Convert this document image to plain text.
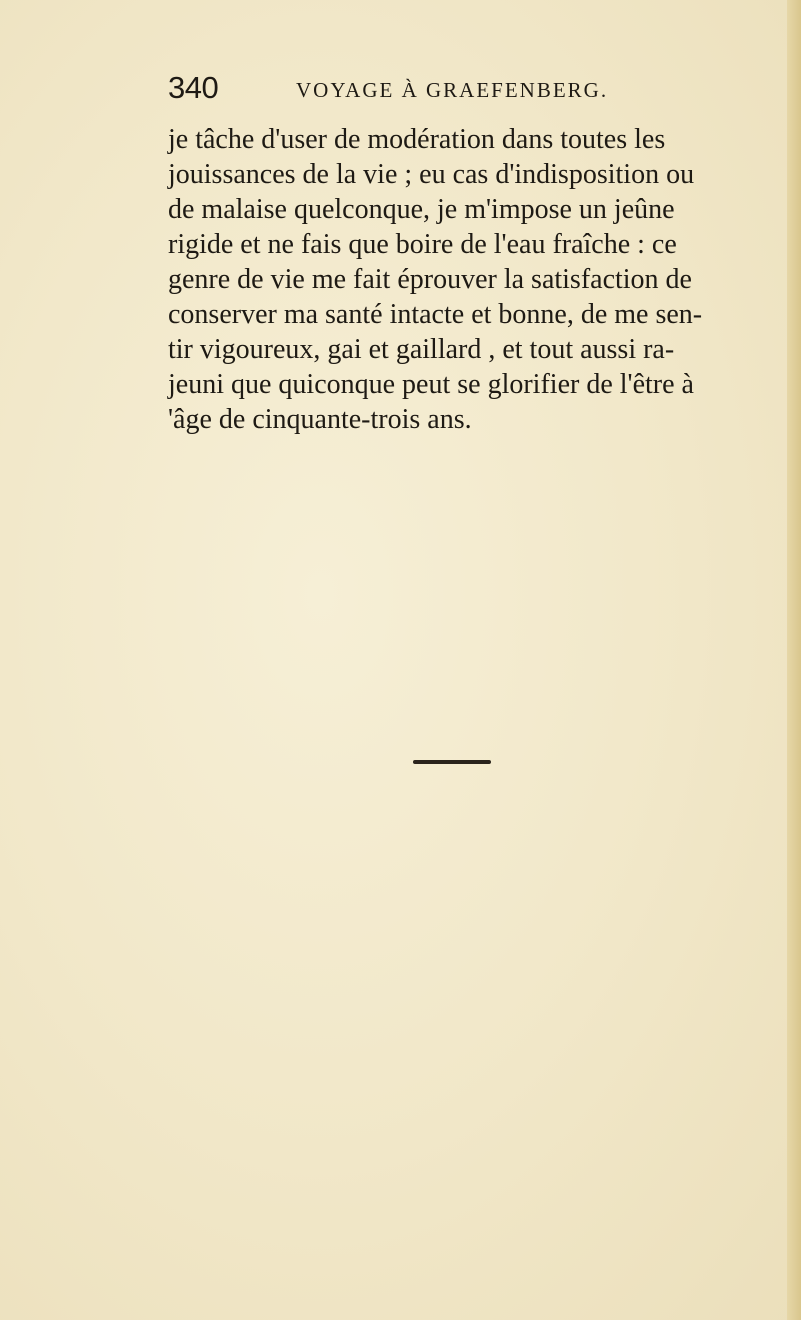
340	VOYAGE À GRAEFENBERG.
je tâche d'user de modération dans toutes les
jouissances de la vie ; eu cas d'indisposition ou
de malaise quelconque, je m'impose un jeûne
rigide et ne fais que boire de l'eau fraîche : ce
genre de vie me fait éprouver la satisfaction de
conserver ma santé intacte et bonne, de me sen-
tir vigoureux, gai et gaillard , et tout aussi ra-
jeuni que quiconque peut se glorifier de l'être à
'âge de cinquante-trois ans.
